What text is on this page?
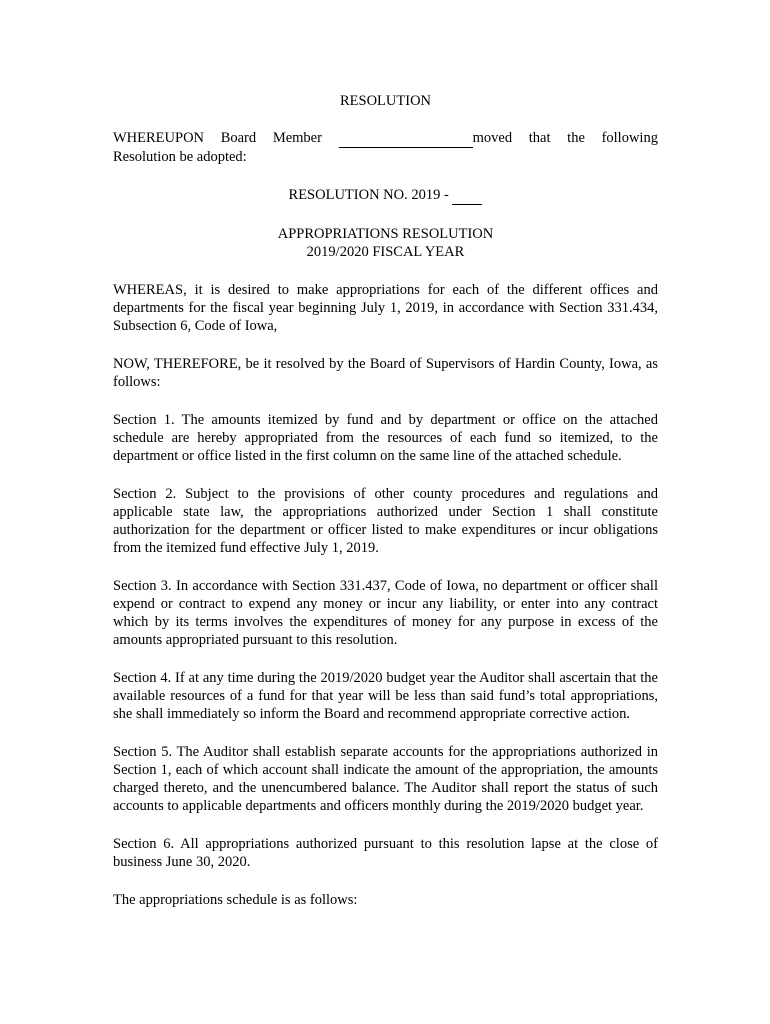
RESOLUTION

WHEREUPON Board Member	moved that the following

Resolution be adopted:

RESOLUTION NO. 2019 -

APPROPRIATIONS RESOLUTION

2019/2020 FISCAL YEAR

WHEREAS, it is desired to make appropriations for each of the different offices and departments for the fiscal year beginning July 1, 2019, in accordance with Section 331.434, Subsection 6, Code of Iowa,

NOW, THEREFORE, be it resolved by the Board of Supervisors of Hardin County, Iowa, as follows:

Section 1. The amounts itemized by fund and by department or office on the attached schedule are hereby appropriated from the resources of each fund so itemized, to the department or office listed in the first column on the same line of the attached schedule.

Section 2. Subject to the provisions of other county procedures and regulations and applicable state law, the appropriations authorized under Section 1 shall constitute authorization for the department or officer listed to make expenditures or incur obligations from the itemized fund effective July 1, 2019.

Section 3. In accordance with Section 331.437, Code of Iowa, no department or officer shall expend or contract to expend any money or incur any liability, or enter into any contract which by its terms involves the expenditures of money for any purpose in excess of the amounts appropriated pursuant to this resolution.

Section 4. If at any time during the 2019/2020 budget year the Auditor shall ascertain that the available resources of a fund for that year will be less than said fund’s total appropriations, she shall immediately so inform the Board and recommend appropriate corrective action.

Section 5. The Auditor shall establish separate accounts for the appropriations authorized in Section 1, each of which account shall indicate the amount of the appropriation, the amounts charged thereto, and the unencumbered balance. The Auditor shall report the status of such accounts to applicable departments and officers monthly during the 2019/2020 budget year.

Section 6. All appropriations authorized pursuant to this resolution lapse at the close of business June 30, 2020.

The appropriations schedule is as follows:
